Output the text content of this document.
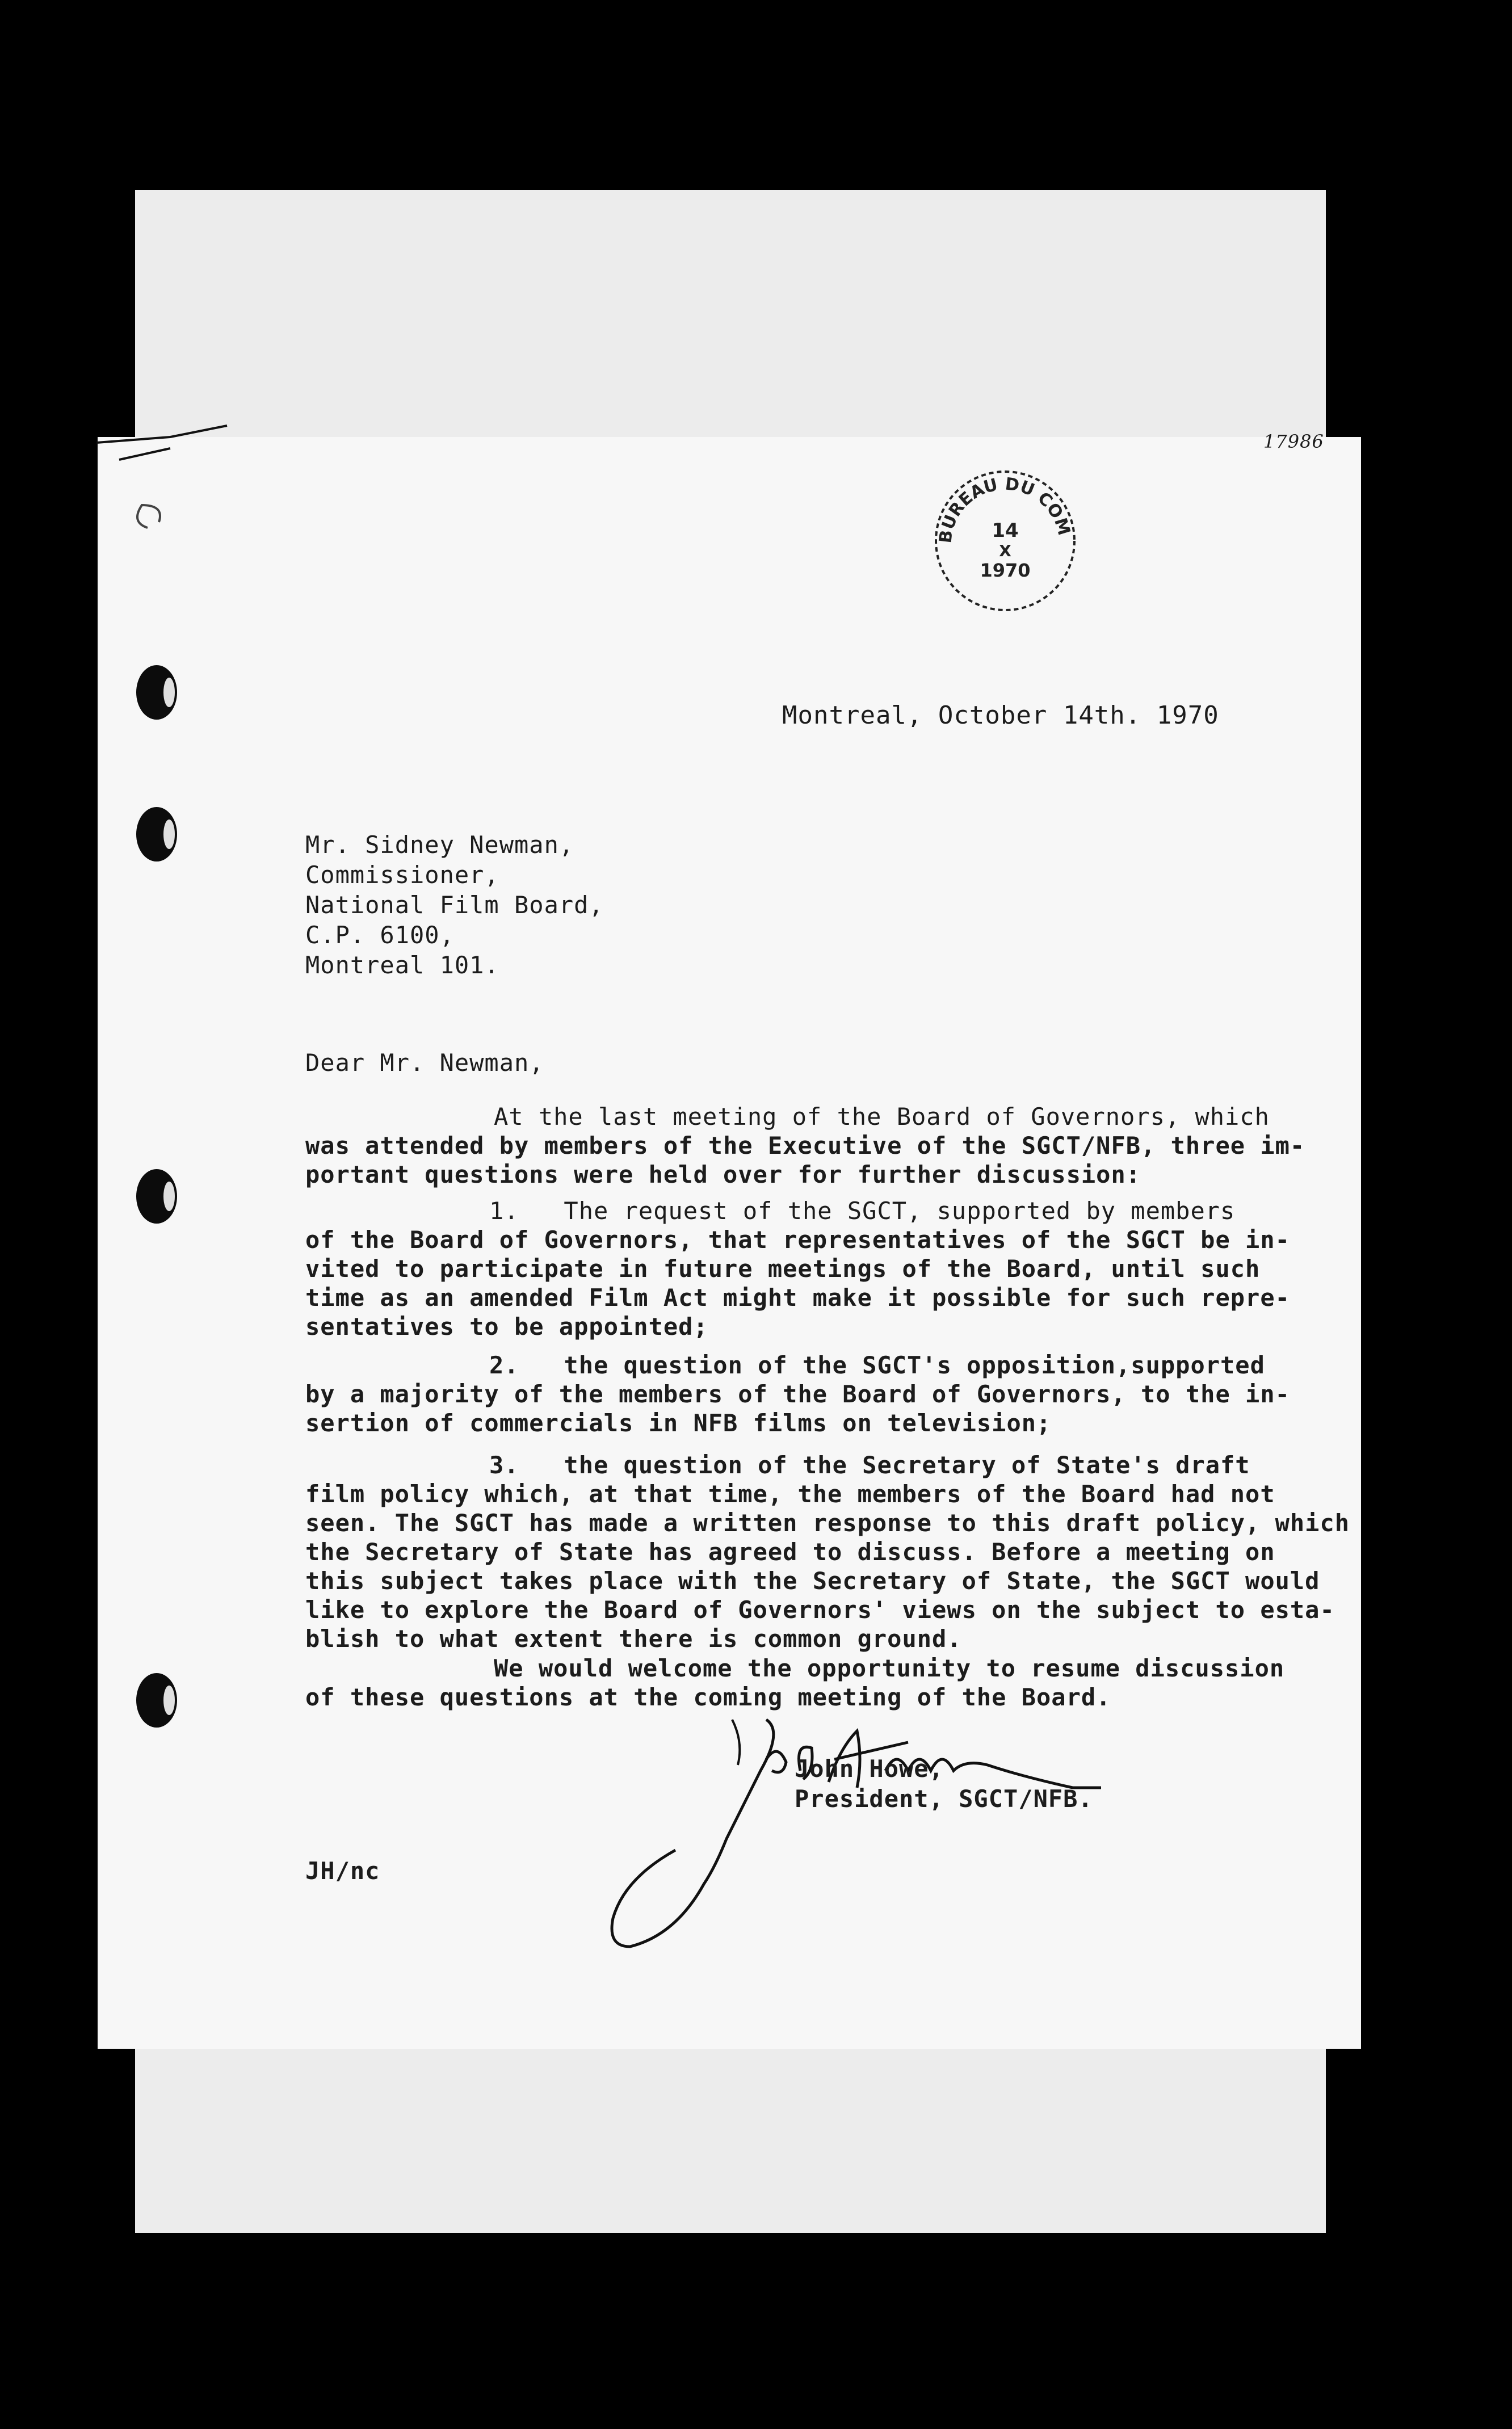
17986
BUREAU DU COM
14
X
1970
Montreal, October 14th. 1970
Mr. Sidney Newman,
Commissioner,
National Film Board,
C.P. 6100,
Montreal 101.
Dear Mr. Newman,
At the last meeting of the Board of Governors, which
was attended by members of the Executive of the SGCT/NFB, three im-
portant questions were held over for further discussion:
1.   The request of the SGCT, supported by members
of the Board of Governors, that representatives of the SGCT be in-
vited to participate in future meetings of the Board, until such
time as an amended Film Act might make it possible for such repre-
sentatives to be appointed;
2.   the question of the SGCT's opposition,supported
by a majority of the members of the Board of Governors, to the in-
sertion of commercials in NFB films on television;
3.   the question of the Secretary of State's draft
film policy which, at that time, the members of the Board had not
seen. The SGCT has made a written response to this draft policy, which
the Secretary of State has agreed to discuss. Before a meeting on
this subject takes place with the Secretary of State, the SGCT would
like to explore the Board of Governors' views on the subject to esta-
blish to what extent there is common ground.
We would welcome the opportunity to resume discussion
of these questions at the coming meeting of the Board.
John Howe,
President, SGCT/NFB.
JH/nc
